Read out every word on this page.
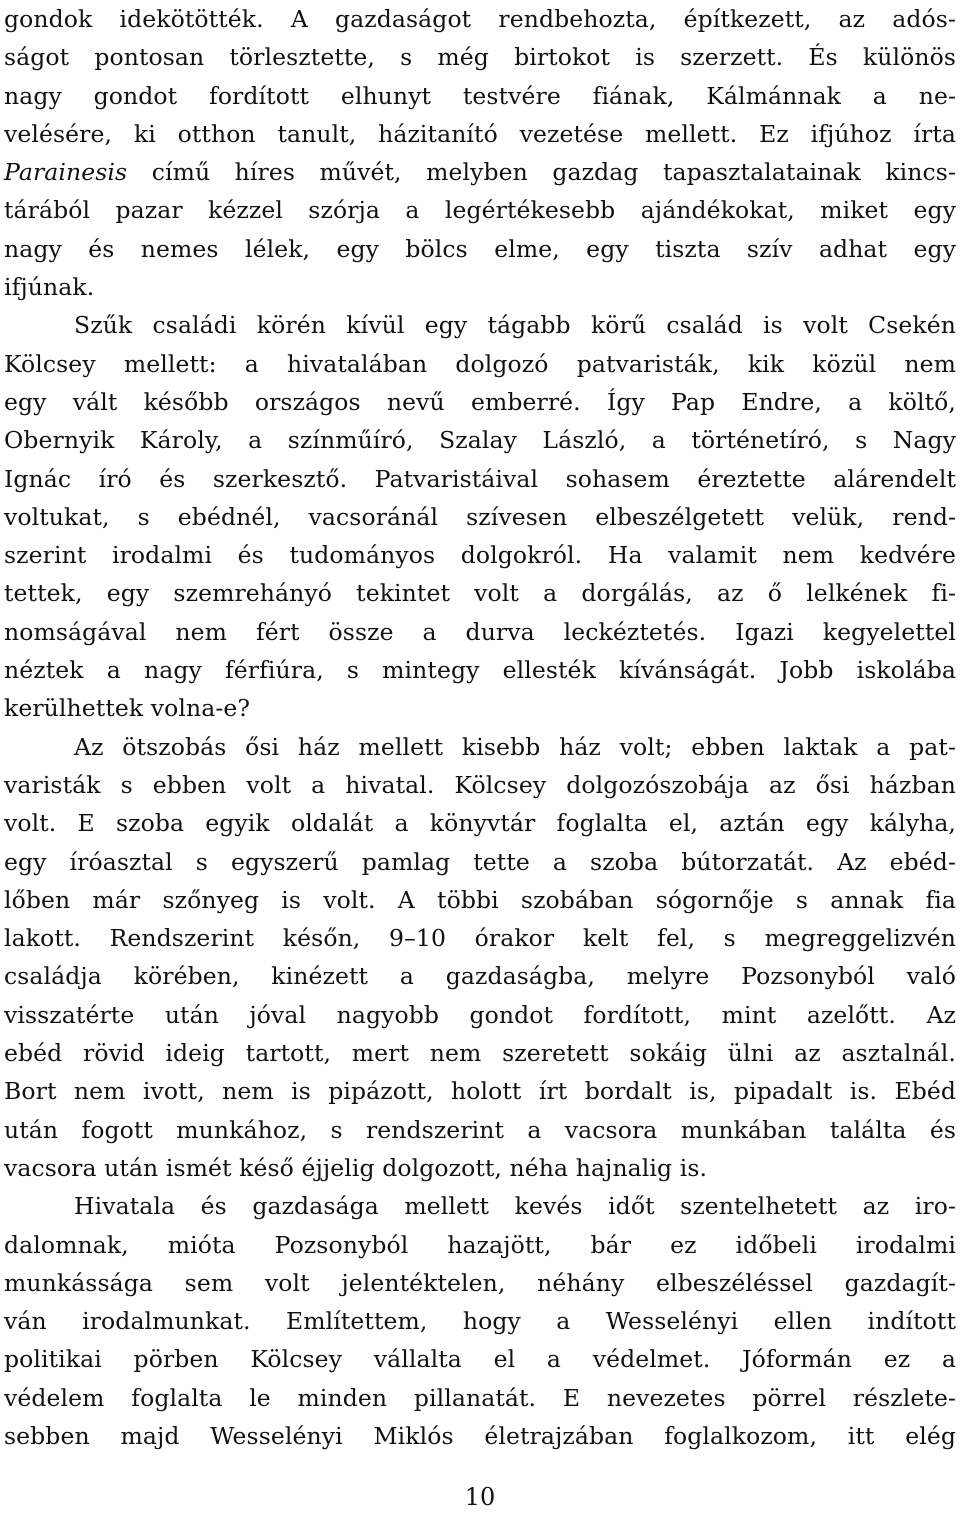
gondok idekötötték. A gazdaságot rendbehozta, építkezett, az adós-
ságot pontosan törlesztette, s még birtokot is szerzett. És különös
nagy gondot fordított elhunyt testvére fiának, Kálmánnak a ne-
velésére, ki otthon tanult, házitanító vezetése mellett. Ez ifjúhoz írta
Parainesis című híres művét, melyben gazdag tapasztalatainak kincs-
tárából pazar kézzel szórja a legértékesebb ajándékokat, miket egy
nagy és nemes lélek, egy bölcs elme, egy tiszta szív adhat egy
ifjúnak.
Szűk családi körén kívül egy tágabb körű család is volt Csekén
Kölcsey mellett: a hivatalában dolgozó patvaristák, kik közül nem
egy vált később országos nevű emberré. Így Pap Endre, a költő,
Obernyik Károly, a színműíró, Szalay László, a történetíró, s Nagy
Ignác író és szerkesztő. Patvaristáival sohasem éreztette alárendelt
voltukat, s ebédnél, vacsoránál szívesen elbeszélgetett velük, rend-
szerint irodalmi és tudományos dolgokról. Ha valamit nem kedvére
tettek, egy szemrehányó tekintet volt a dorgálás, az ő lelkének fi-
nomságával nem fért össze a durva leckéztetés. Igazi kegyelettel
néztek a nagy férfiúra, s mintegy ellesték kívánságát. Jobb iskolába
kerülhettek volna-e?
Az ötszobás ősi ház mellett kisebb ház volt; ebben laktak a pat-
varisták s ebben volt a hivatal. Kölcsey dolgozószobája az ősi házban
volt. E szoba egyik oldalát a könyvtár foglalta el, aztán egy kályha,
egy íróasztal s egyszerű pamlag tette a szoba bútorzatát. Az ebéd-
lőben már szőnyeg is volt. A többi szobában sógornője s annak fia
lakott. Rendszerint későn, 9–10 órakor kelt fel, s megreggelizvén
családja körében, kinézett a gazdaságba, melyre Pozsonyból való
visszatérte után jóval nagyobb gondot fordított, mint azelőtt. Az
ebéd rövid ideig tartott, mert nem szeretett sokáig ülni az asztalnál.
Bort nem ivott, nem is pipázott, holott írt bordalt is, pipadalt is. Ebéd
után fogott munkához, s rendszerint a vacsora munkában találta és
vacsora után ismét késő éjjelig dolgozott, néha hajnalig is.
Hivatala és gazdasága mellett kevés időt szentelhetett az iro-
dalomnak, mióta Pozsonyból hazajött, bár ez időbeli irodalmi
munkássága sem volt jelentéktelen, néhány elbeszéléssel gazdagít-
ván irodalmunkat. Említettem, hogy a Wesselényi ellen indított
politikai pörben Kölcsey vállalta el a védelmet. Jóformán ez a
védelem foglalta le minden pillanatát. E nevezetes pörrel részlete-
sebben majd Wesselényi Miklós életrajzában foglalkozom, itt elég
10
